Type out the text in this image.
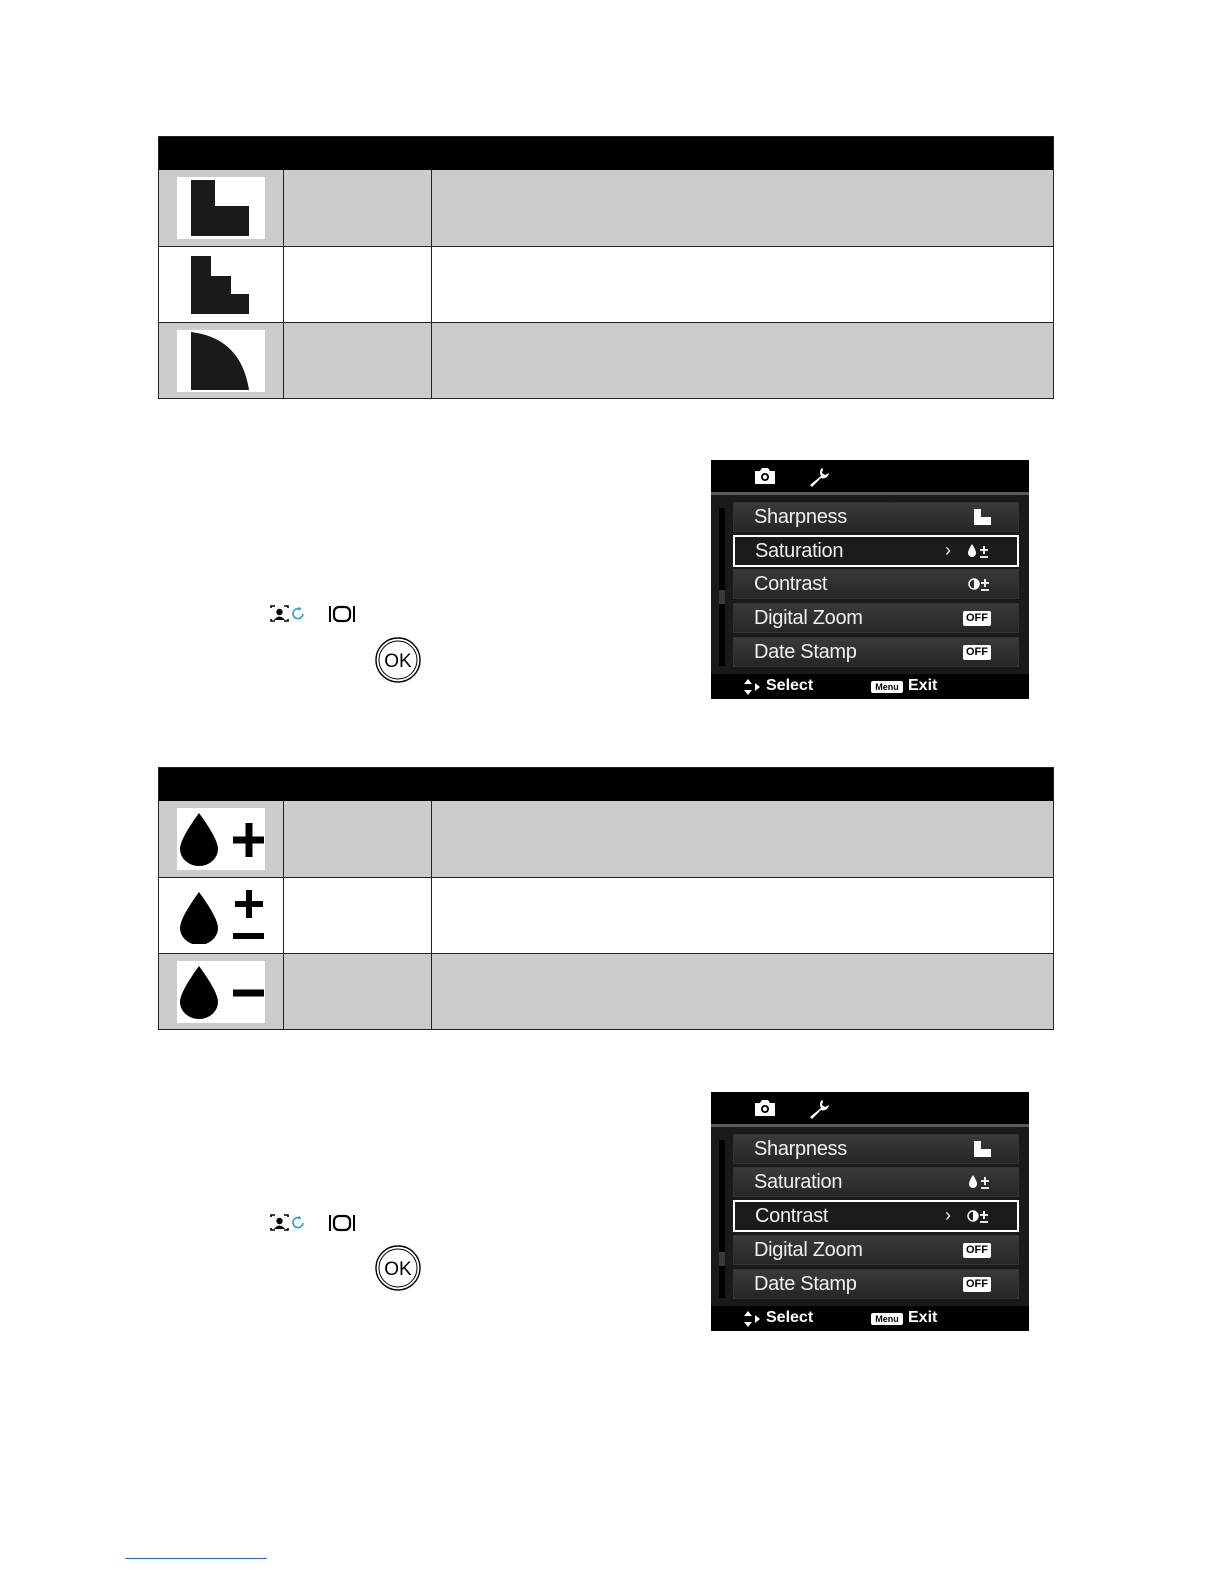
OK
Sharpness
Saturation	›
Contrast
Digital Zoom	OFF
Date Stamp	OFF
Select	Menu Exit
OK
Sharpness
Saturation
Contrast	›
Digital Zoom	OFF
Date Stamp	OFF
Select	Menu Exit
